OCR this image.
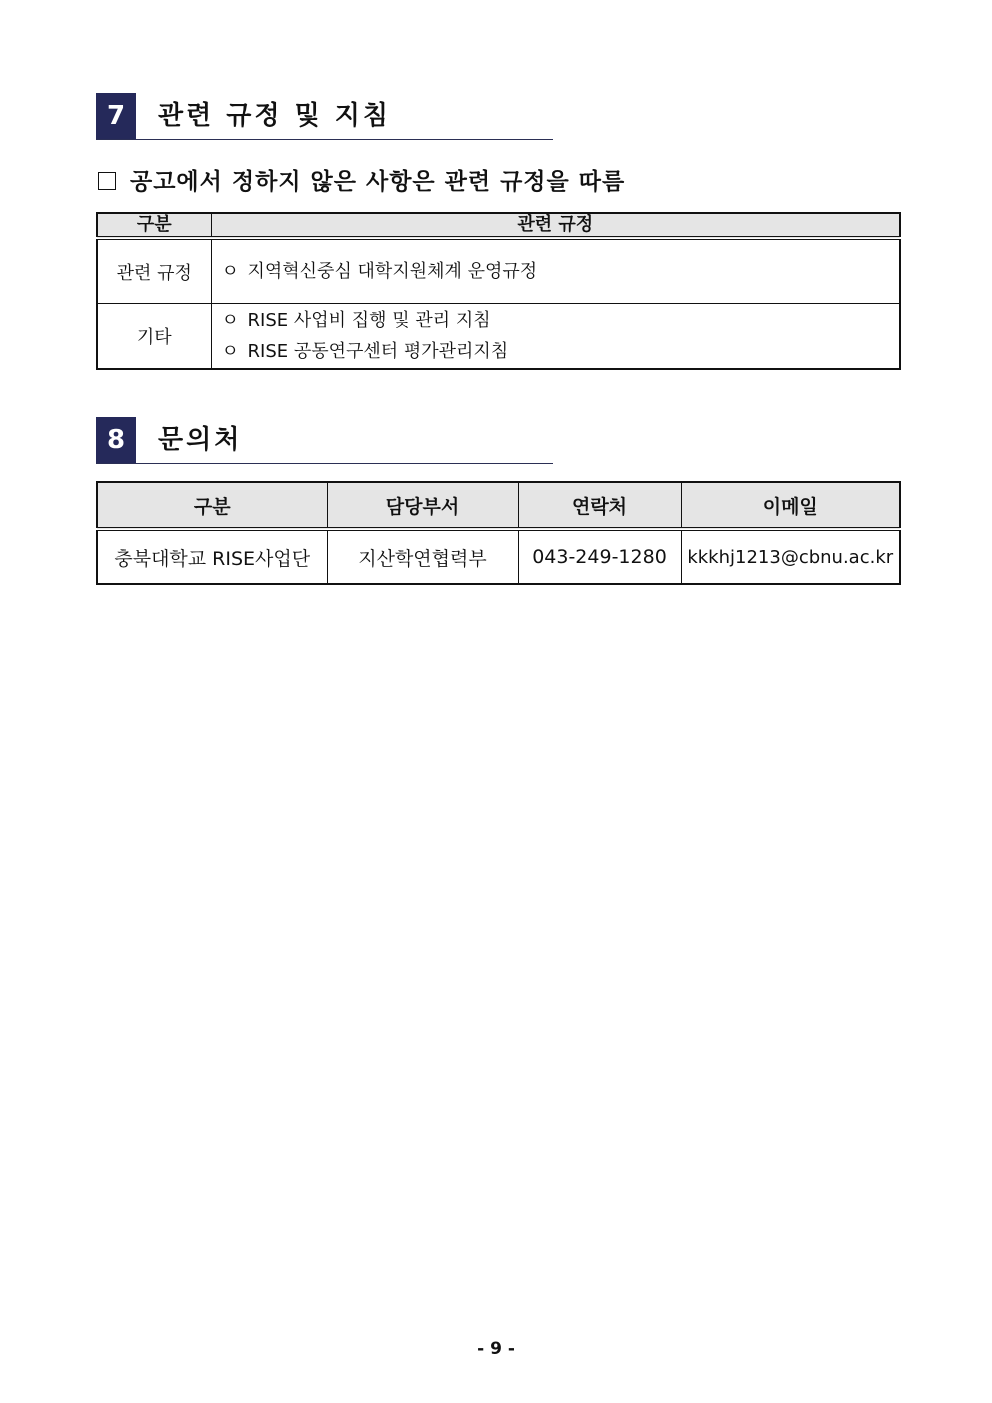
7	관련 규정 및 지침
공고에서 정하지 않은 사항은 관련 규정을 따름
구분	관련 규정
관련 규정	ㅇ 지역혁신중심 대학지원체계 운영규정

기타	ㅇ RISE 사업비 집행 및 관리 지침
ㅇ RISE 공동연구센터 평가관리지침
8	문의처
구분	담당부서	연락처	이메일
충북대학교 RISE사업단	지산학연협력부	043-249-1280	kkkhj1213@cbnu.ac.kr
- 9 -
